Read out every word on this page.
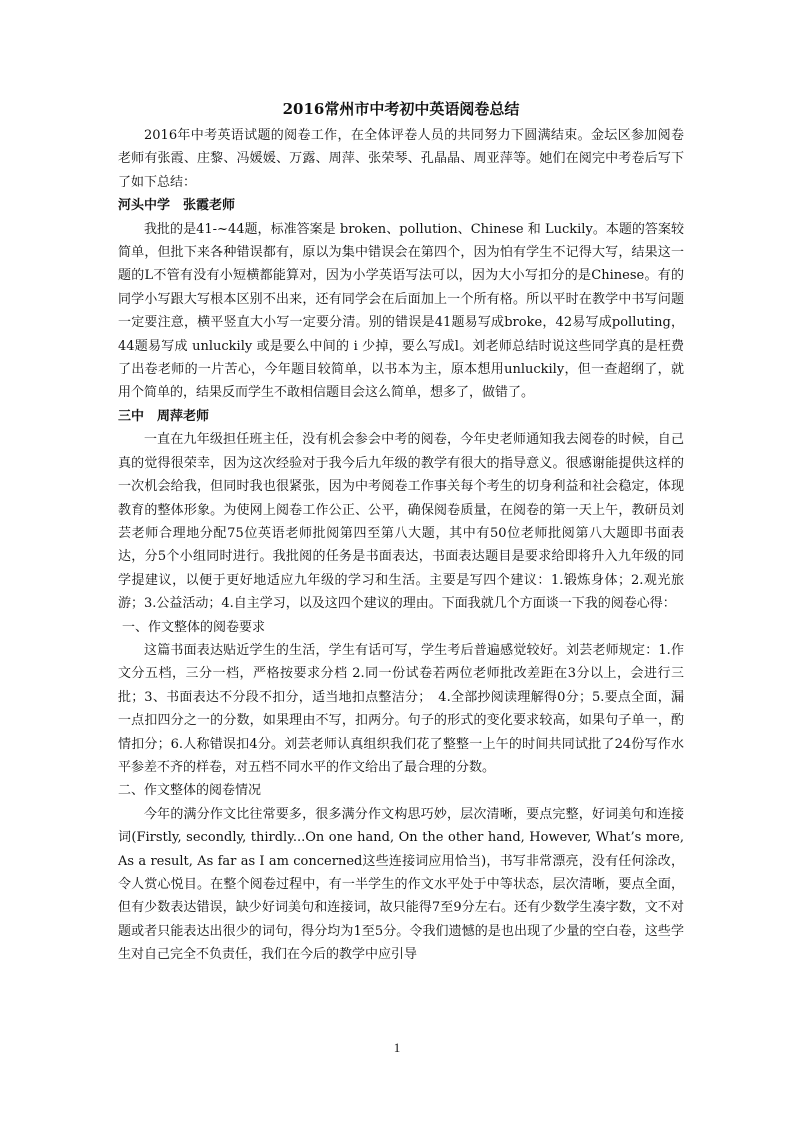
2016常州市中考初中英语阅卷总结

2016年中考英语试题的阅卷工作，在全体评卷人员的共同努力下圆满结束。金坛区参加阅卷老师有张霞、庄黎、冯媛媛、万露、周萍、张荣琴、孔晶晶、周亚萍等。她们在阅完中考卷后写下了如下总结：

河头中学　张霞老师

我批的是41-~44题，标准答案是 broken、pollution、Chinese 和 Luckily。本题的答案较简单，但批下来各种错误都有，原以为集中错误会在第四个，因为怕有学生不记得大写，结果这一题的L不管有没有小短横都能算对，因为小学英语写法可以，因为大小写扣分的是Chinese。有的同学小写跟大写根本区别不出来，还有同学会在后面加上一个所有格。所以平时在教学中书写问题一定要注意，横平竖直大小写一定要分清。别的错误是41题易写成broke，42易写成polluting，44题易写成 unluckily 或是要么中间的 i 少掉，要么写成l。刘老师总结时说这些同学真的是枉费了出卷老师的一片苦心，今年题目较简单，以书本为主，原本想用unluckily，但一查超纲了，就用个简单的，结果反而学生不敢相信题目会这么简单，想多了，做错了。

三中　周萍老师

一直在九年级担任班主任，没有机会参会中考的阅卷，今年史老师通知我去阅卷的时候，自己真的觉得很荣幸，因为这次经验对于我今后九年级的教学有很大的指导意义。很感谢能提供这样的一次机会给我，但同时我也很紧张，因为中考阅卷工作事关每个考生的切身利益和社会稳定，体现教育的整体形象。为使网上阅卷工作公正、公平，确保阅卷质量，在阅卷的第一天上午，教研员刘芸老师合理地分配75位英语老师批阅第四至第八大题，其中有50位老师批阅第八大题即书面表达，分5个小组同时进行。我批阅的任务是书面表达，书面表达题目是要求给即将升入九年级的同学提建议，以便于更好地适应九年级的学习和生活。主要是写四个建议：1.锻炼身体；2.观光旅游；3.公益活动；4.自主学习，以及这四个建议的理由。下面我就几个方面谈一下我的阅卷心得：

一、作文整体的阅卷要求

这篇书面表达贴近学生的生活，学生有话可写，学生考后普遍感觉较好。刘芸老师规定：1.作文分五档，三分一档，严格按要求分档 2.同一份试卷若两位老师批改差距在3分以上，会进行三批；3、书面表达不分段不扣分，适当地扣点整洁分；　4.全部抄阅读理解得0分；5.要点全面，漏一点扣四分之一的分数，如果理由不写，扣两分。句子的形式的变化要求较高，如果句子单一，酌情扣分；6.人称错误扣4分。刘芸老师认真组织我们花了整整一上午的时间共同试批了24份写作水平参差不齐的样卷，对五档不同水平的作文给出了最合理的分数。

二、作文整体的阅卷情况

今年的满分作文比往常要多，很多满分作文构思巧妙，层次清晰，要点完整，好词美句和连接词(Firstly, secondly, thirdly...On one hand, On the other hand, However, What’s more, As a result, As far as I am concerned这些连接词应用恰当)，书写非常漂亮，没有任何涂改，令人赏心悦目。在整个阅卷过程中，有一半学生的作文水平处于中等状态，层次清晰，要点全面，但有少数表达错误，缺少好词美句和连接词，故只能得7至9分左右。还有少数学生凑字数，文不对题或者只能表达出很少的词句，得分均为1至5分。令我们遗憾的是也出现了少量的空白卷，这些学生对自己完全不负责任，我们在今后的教学中应引导

1
